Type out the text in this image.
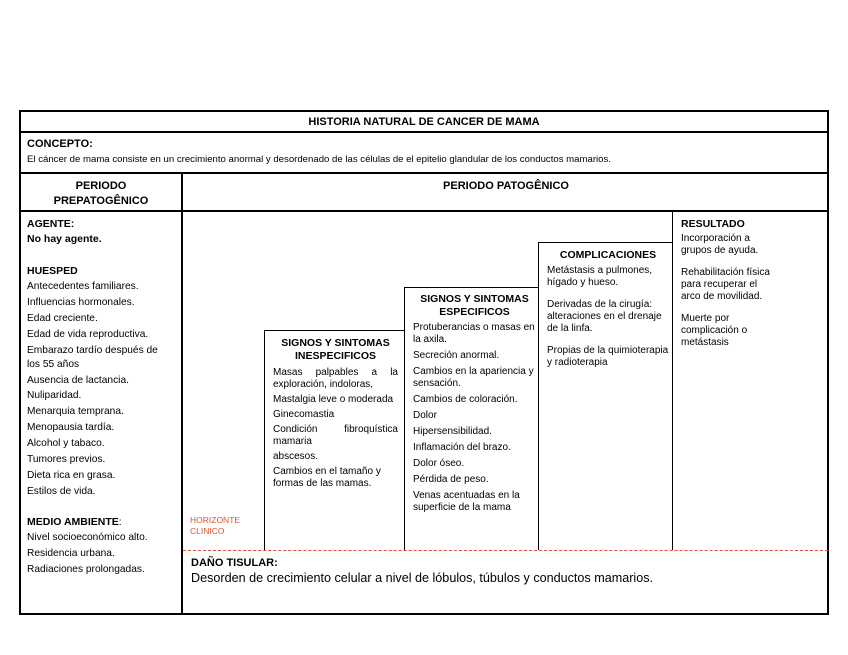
HISTORIA NATURAL DE CANCER DE MAMA
CONCEPTO:
El cáncer de mama consiste en un crecimiento anormal y desordenado de las células de el epitelio glandular de los conductos mamarios.
PERIODO
PREPATOGÊNICO
PERIODO PATOGÊNICO
AGENTE:
No hay agente.
HUESPED
Antecedentes familiares.
Influencias hormonales.
Edad creciente.
Edad de vida reproductiva.
Embarazo tardío después de
los 55 años
Ausencia de lactancia.
Nuliparidad.
Menarquia temprana.
Menopausia tardía.
Alcohol y tabaco.
Tumores previos.
Dieta rica en grasa.
Estilos de vida.
MEDIO AMBIENTE:
Nivel socioeconómico alto.
Residencia urbana.
Radiaciones prolongadas.
HORIZONTE
CLINICO
SIGNOS Y SINTOMAS
INESPECIFICOS
Masas palpables a la exploración, indoloras,
Mastalgia leve o moderada
Ginecomastia
Condición fibroquística mamaria
abscesos.
Cambios en el tamaño y formas de las mamas.
SIGNOS Y SINTOMAS
ESPECIFICOS
Protuberancias o masas en la axila.
Secreción anormal.
Cambios en la apariencia y sensación.
Cambios de coloración.
Dolor
Hipersensibilidad.
Inflamación del brazo.
Dolor óseo.
Pérdida de peso.
Venas acentuadas en la superficie de la mama
COMPLICACIONES
Metástasis a pulmones, hígado y hueso.
Derivadas de la cirugía: alteraciones en el drenaje de la linfa.
Propias de la quimioterapia y radioterapia
RESULTADO
Incorporación a grupos de ayuda.
Rehabilitación física para recuperar el arco de movilidad.
Muerte por complicación o metástasis
DAÑO TISULAR:
Desorden de crecimiento celular a nivel de lóbulos, túbulos y conductos mamarios.
